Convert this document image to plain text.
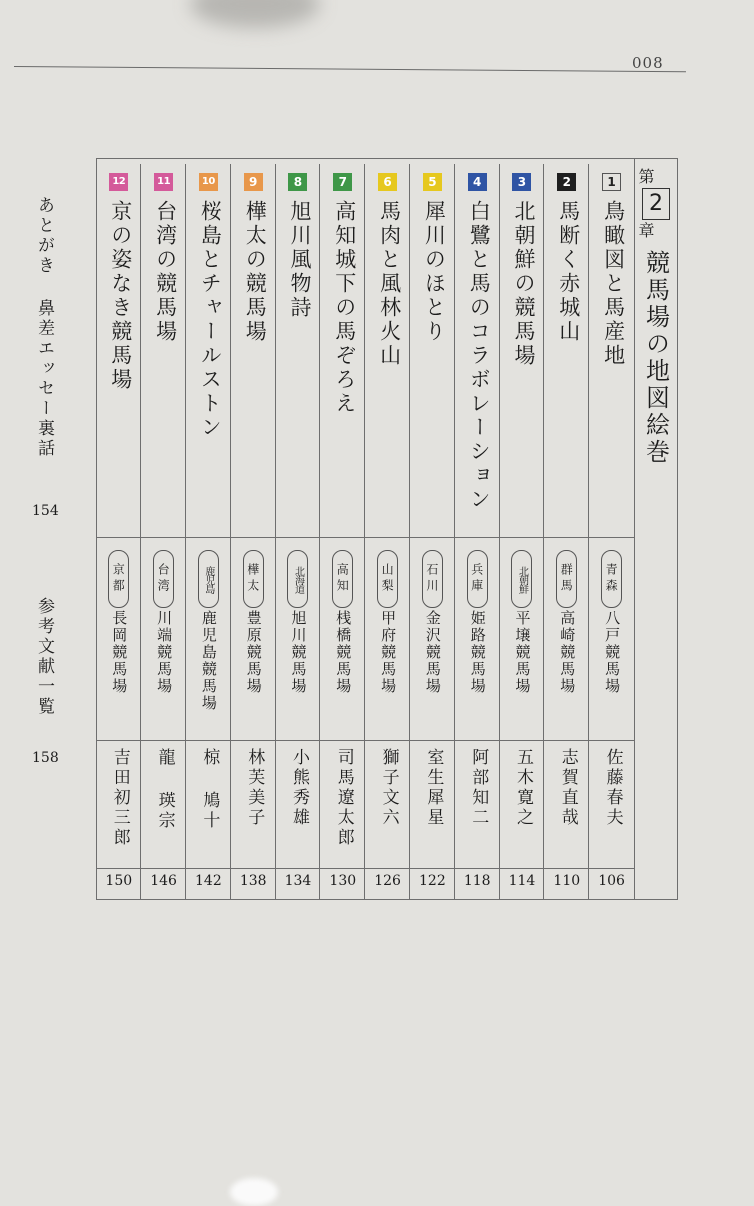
008
第
2
章
競馬場の地図絵巻
1
鳥瞰図と馬産地
青森
八戸競馬場
佐藤春夫
106
2
馬断く赤城山
群馬
高崎競馬場
志賀直哉
110
3
北朝鮮の競馬場
北朝鮮
平壌競馬場
五木寛之
114
4
白鷺と馬のコラボレーション
兵庫
姫路競馬場
阿部知二
118
5
犀川のほとり
石川
金沢競馬場
室生犀星
122
6
馬肉と風林火山
山梨
甲府競馬場
獅子文六
126
7
高知城下の馬ぞろえ
高知
桟橋競馬場
司馬遼太郎
130
8
旭川風物詩
北海道
旭川競馬場
小熊秀雄
134
9
樺太の競馬場
樺太
豊原競馬場
林芙美子
138
10
桜島とチャールストン
鹿児島
鹿児島競馬場
椋 鳩十
142
11
台湾の競馬場
台湾
川端競馬場
龍 瑛宗
146
12
京の姿なき競馬場
京都
長岡競馬場
吉田初三郎
150
あとがき 鼻差エッセー裏話
154
参考文献一覧
158
